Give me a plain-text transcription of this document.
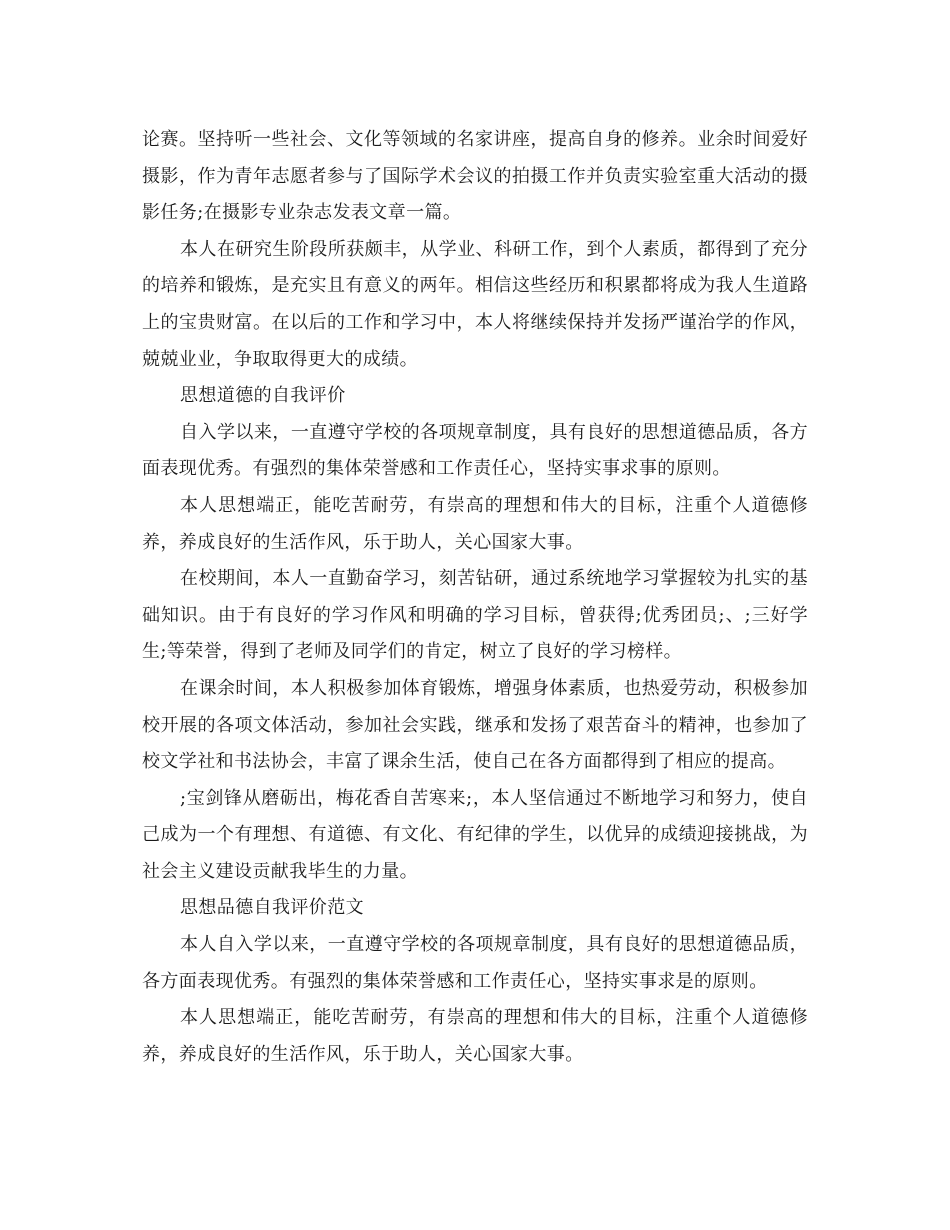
论赛。坚持听一些社会、文化等领域的名家讲座，提高自身的修养。业余时间爱好摄影，作为青年志愿者参与了国际学术会议的拍摄工作并负责实验室重大活动的摄影任务;在摄影专业杂志发表文章一篇。

本人在研究生阶段所获颇丰，从学业、科研工作，到个人素质，都得到了充分的培养和锻炼，是充实且有意义的两年。相信这些经历和积累都将成为我人生道路上的宝贵财富。在以后的工作和学习中，本人将继续保持并发扬严谨治学的作风，兢兢业业，争取取得更大的成绩。

思想道德的自我评价

自入学以来，一直遵守学校的各项规章制度，具有良好的思想道德品质，各方面表现优秀。有强烈的集体荣誉感和工作责任心，坚持实事求事的原则。

本人思想端正，能吃苦耐劳，有崇高的理想和伟大的目标，注重个人道德修养，养成良好的生活作风，乐于助人，关心国家大事。

在校期间，本人一直勤奋学习，刻苦钻研，通过系统地学习掌握较为扎实的基础知识。由于有良好的学习作风和明确的学习目标，曾获得;优秀团员;、;三好学生;等荣誉，得到了老师及同学们的肯定，树立了良好的学习榜样。

在课余时间，本人积极参加体育锻炼，增强身体素质，也热爱劳动，积极参加校开展的各项文体活动，参加社会实践，继承和发扬了艰苦奋斗的精神，也参加了校文学社和书法协会，丰富了课余生活，使自己在各方面都得到了相应的提高。

;宝剑锋从磨砺出，梅花香自苦寒来;，本人坚信通过不断地学习和努力，使自己成为一个有理想、有道德、有文化、有纪律的学生，以优异的成绩迎接挑战，为社会主义建设贡献我毕生的力量。

思想品德自我评价范文

本人自入学以来，一直遵守学校的各项规章制度，具有良好的思想道德品质，各方面表现优秀。有强烈的集体荣誉感和工作责任心，坚持实事求是的原则。

本人思想端正，能吃苦耐劳，有崇高的理想和伟大的目标，注重个人道德修养，养成良好的生活作风，乐于助人，关心国家大事。
